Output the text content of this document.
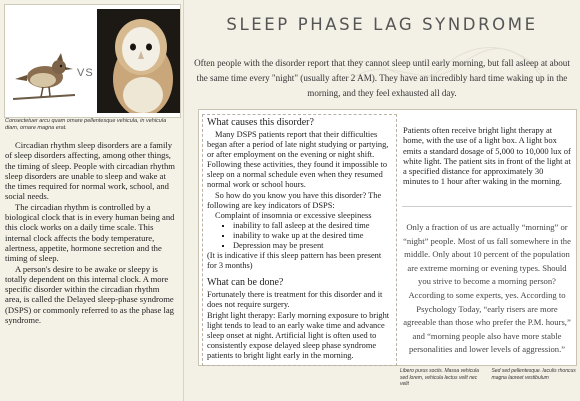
VS
Consectetuer arcu quam ornare pellentesque vehicula, in vehicula diam, ornare magna erat.

Circadian rhythm sleep disorders are a family of sleep disorders affecting, among other things, the timing of sleep. People with circadian rhythm sleep disorders are unable to sleep and wake at the times required for normal work, school, and social needs.

The circadian rhythm is controlled by a biological clock that is in every human being and this clock works on a daily time scale. This internal clock affects the body temperature, alertness, appetite, hormone secretion and the timing of sleep.

A person's desire to be awake or sleepy is totally dependent on this internal clock. A more specific disorder within the circadian rhythm area, is called the Delayed sleep-phase syndrome (DSPS) or commonly referred to as the phase lag syndrome.

SLEEP PHASE LAG SYNDROME
Often people with the disorder report that they cannot sleep until early morning, but fall asleep at about the same time every "night" (usually after 2 AM). They have an incredibly hard time waking up in the morning, and they feel exhausted all day.

What causes this disorder?

Many DSPS patients report that their difficulties began after a period of late night studying or partying, or after employment on the evening or night shift. Following these activities, they found it impossible to sleep on a normal schedule even when they resumed normal work or school hours.

So how do you know you have this disorder? The following are key indicators of DSPS:

Complaint of insomnia or excessive sleepiness

▪ inability to fall asleep at the desired time
▪ inability to wake up at the desired time
▪ Depression may be present

(It is indicative if this sleep pattern has been present for 3 months)

What can be done?

Fortunately there is treatment for this disorder and it does not require surgery.

Bright light therapy: Early morning exposure to bright light tends to lead to an early wake time and advance sleep onset at night. Artificial light is often used to consistently expose delayed sleep phase syndrome patients to bright light early in the morning.

Patients often receive bright light therapy at home, with the use of a light box. A light box emits a standard dosage of 5,000 to 10,000 lux of white light. The patient sits in front of the light at a specified distance for approximately 30 minutes to 1 hour after waking in the morning.
Only a fraction of us are actually “morning” or “night” people. Most of us fall somewhere in the middle. Only about 10 percent of the population are extreme morning or evening types. Should you strive to become a morning person? According to some experts, yes. According to Psychology Today, “early risers are more agreeable than those who prefer the P.M. hours,” and “morning people also have more stable personalities and lower levels of aggression.”
Libero purus sociis. Massa vehicula sed lorem, vehicula lectus velit nec velit
Sed sed pellentesque. Iaculis rhoncus magna laoreet vestibulum
